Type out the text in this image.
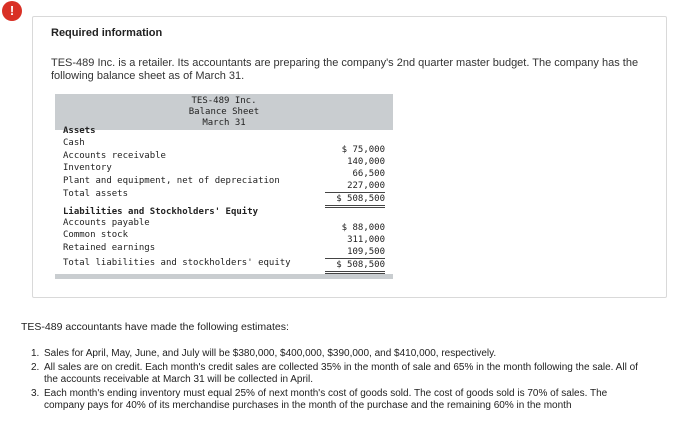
!
Required information
TES-489 Inc. is a retailer. Its accountants are preparing the company's 2nd quarter master budget. The company has the following balance sheet as of March 31.
TES-489 Inc.
Balance Sheet
March 31
Assets
Cash
Accounts receivable
Inventory
Plant and equipment, net of depreciation
Total assets
$ 75,000
140,000
66,500
227,000
$ 508,500
Liabilities and Stockholders' Equity
Accounts payable
Common stock
Retained earnings
Total liabilities and stockholders' equity
$ 88,000
311,000
109,500
$ 508,500
TES-489 accountants have made the following estimates:
1. Sales for April, May, June, and July will be $380,000, $400,000, $390,000, and $410,000, respectively.
2. All sales are on credit. Each month's credit sales are collected 35% in the month of sale and 65% in the month following the sale. All of the accounts receivable at March 31 will be collected in April.
3. Each month's ending inventory must equal 25% of next month's cost of goods sold. The cost of goods sold is 70% of sales. The company pays for 40% of its merchandise purchases in the month of the purchase and the remaining 60% in the month
